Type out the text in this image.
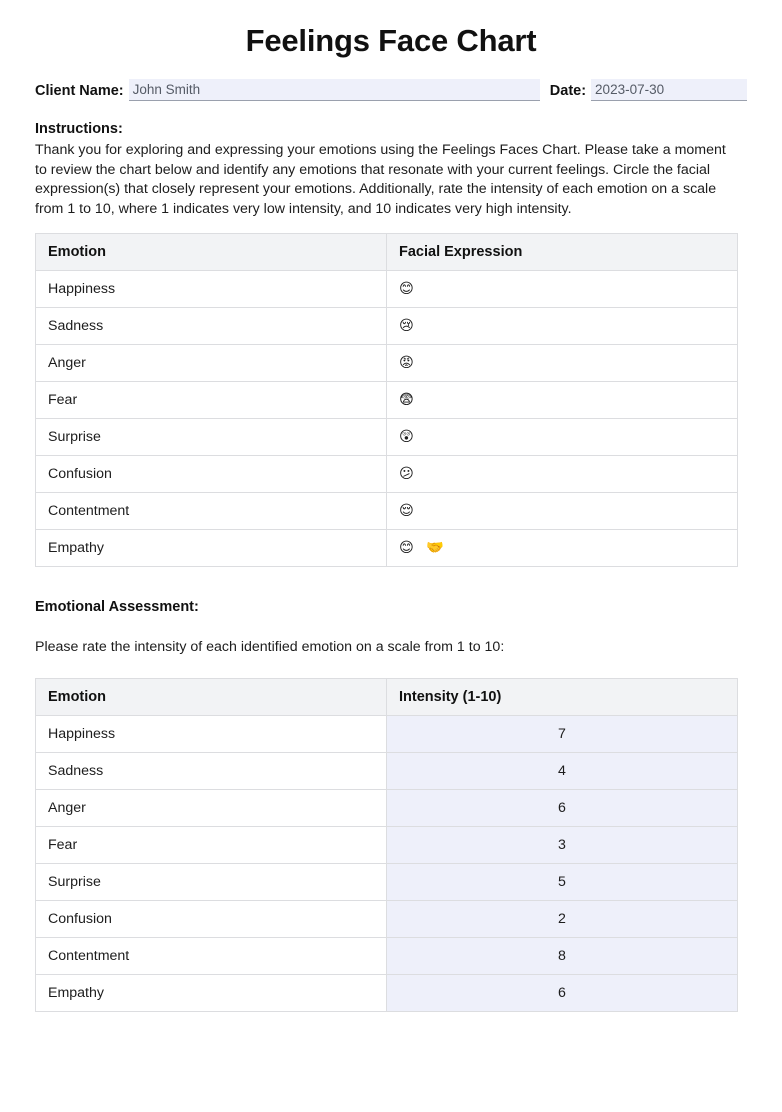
Feelings Face Chart
Client Name: John Smith	Date: 2023-07-30
Instructions:
Thank you for exploring and expressing your emotions using the Feelings Faces Chart. Please take a moment to review the chart below and identify any emotions that resonate with your current feelings. Circle the facial expression(s) that closely represent your emotions. Additionally, rate the intensity of each emotion on a scale from 1 to 10, where 1 indicates very low intensity, and 10 indicates very high intensity.
Emotion	Facial Expression
Happiness	😊
Sadness	😢
Anger	😡
Fear	😨
Surprise	😲
Confusion	😕
Contentment	😌
Empathy	😊 🤝
Emotional Assessment:
Please rate the intensity of each identified emotion on a scale from 1 to 10:
Emotion	Intensity (1-10)
Happiness	7
Sadness	4
Anger	6
Fear	3
Surprise	5
Confusion	2
Contentment	8
Empathy	6
